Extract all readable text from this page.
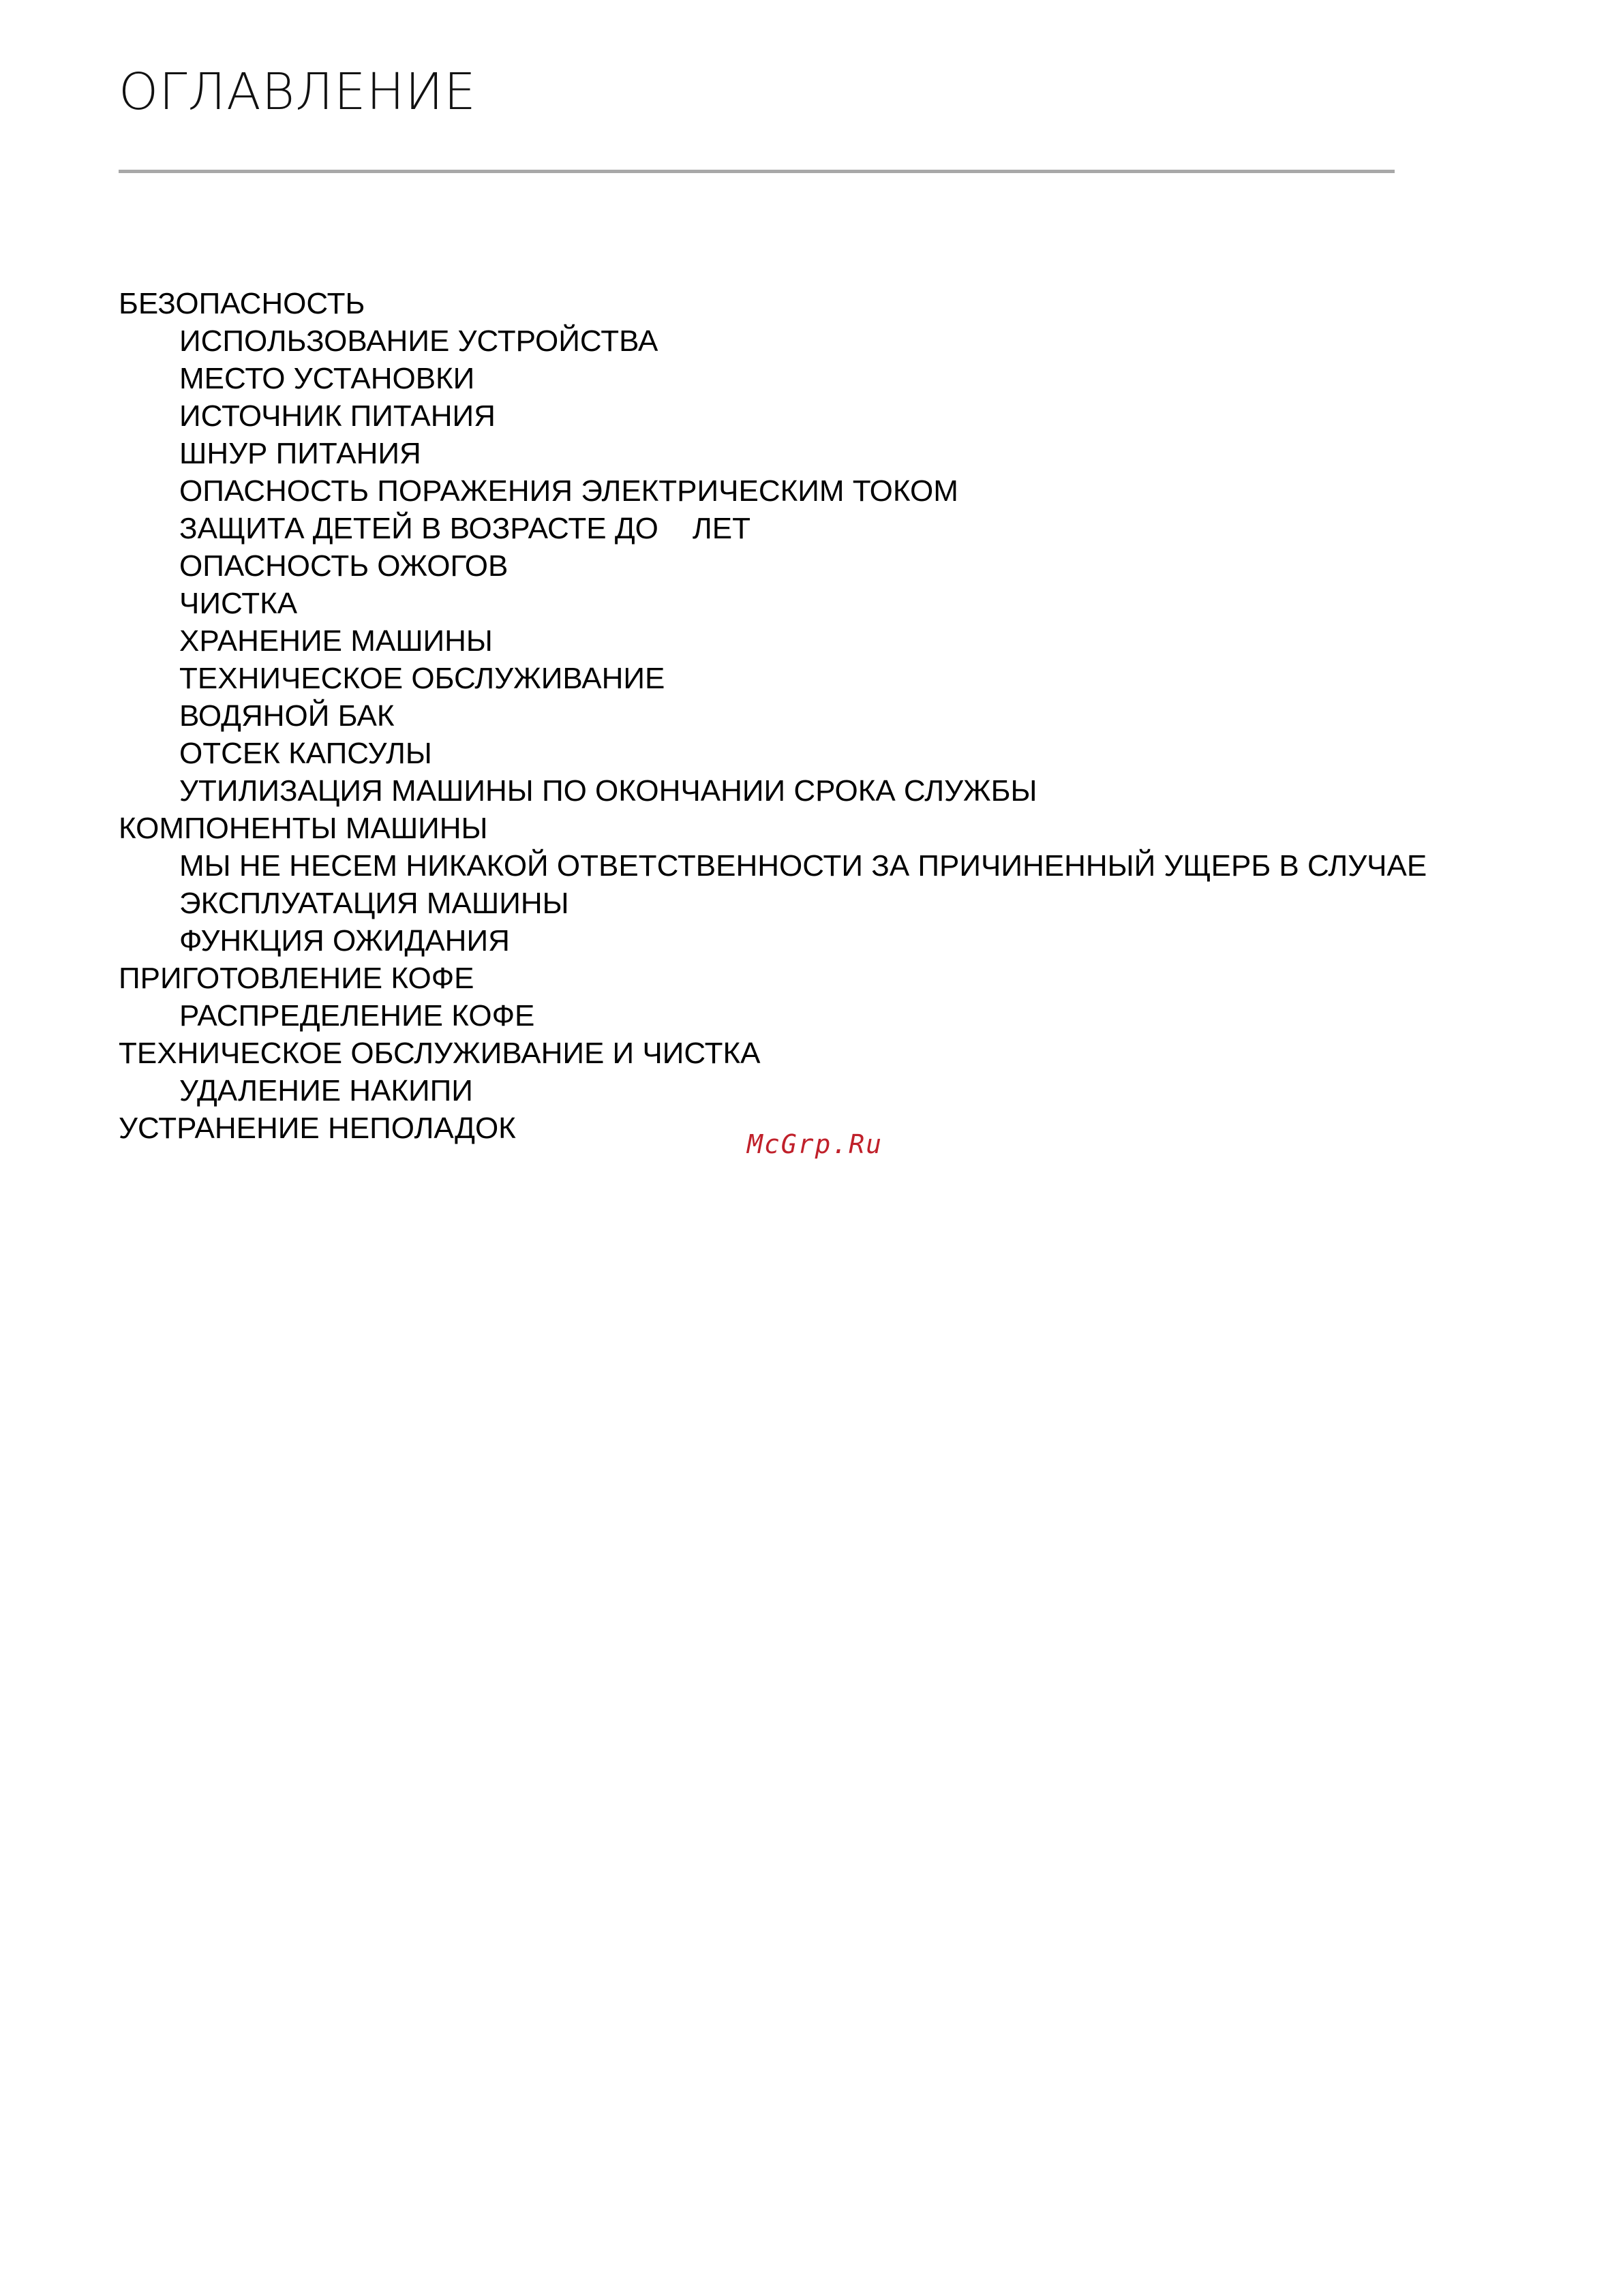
ОГЛАВЛЕНИЕ
БЕЗОПАСНОСТЬ
ИСПОЛЬЗОВАНИЕ УСТРОЙСТВА
МЕСТО УСТАНОВКИ
ИСТОЧНИК ПИТАНИЯ
ШНУР ПИТАНИЯ
ОПАСНОСТЬ ПОРАЖЕНИЯ ЭЛЕКТРИЧЕСКИМ ТОКОМ
ЗАЩИТА ДЕТЕЙ В ВОЗРАСТЕ ДО ЛЕТ
ОПАСНОСТЬ ОЖОГОВ
ЧИСТКА
ХРАНЕНИЕ МАШИНЫ
ТЕХНИЧЕСКОЕ ОБСЛУЖИВАНИЕ
ВОДЯНОЙ БАК
ОТСЕК КАПСУЛЫ
УТИЛИЗАЦИЯ МАШИНЫ ПО ОКОНЧАНИИ СРОКА СЛУЖБЫ
КОМПОНЕНТЫ МАШИНЫ
МЫ НЕ НЕСЕМ НИКАКОЙ ОТВЕТСТВЕННОСТИ ЗА ПРИЧИНЕННЫЙ УЩЕРБ В СЛУЧАЕ
ЭКСПЛУАТАЦИЯ МАШИНЫ
ФУНКЦИЯ ОЖИДАНИЯ
ПРИГОТОВЛЕНИЕ КОФЕ
РАСПРЕДЕЛЕНИЕ КОФЕ
ТЕХНИЧЕСКОЕ ОБСЛУЖИВАНИЕ И ЧИСТКА
УДАЛЕНИЕ НАКИПИ
УСТРАНЕНИЕ НЕПОЛАДОК	McGrp.Ru
